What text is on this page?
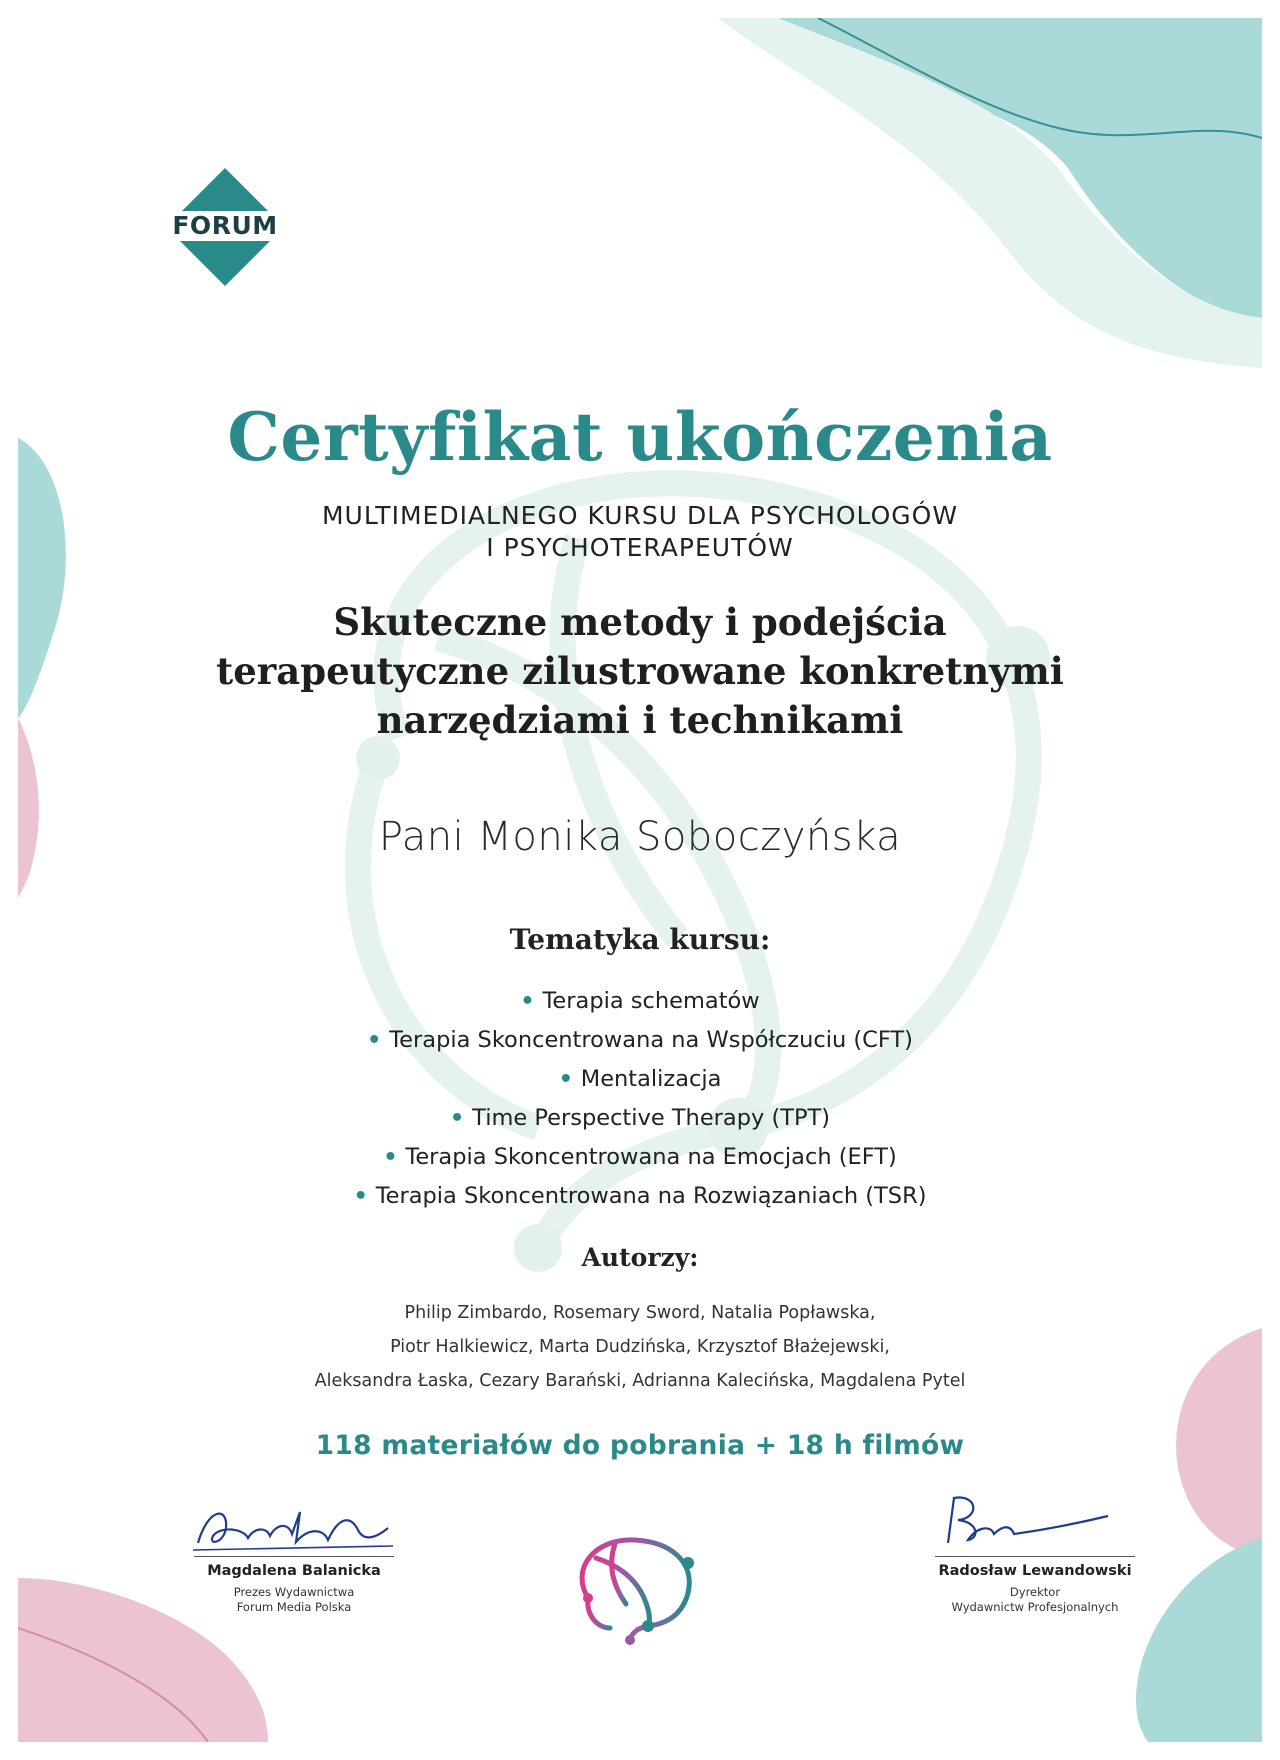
FORUM
Certyfikat ukończenia
MULTIMEDIALNEGO KURSU DLA PSYCHOLOGÓW
I PSYCHOTERAPEUTÓW
Skuteczne metody i podejścia
terapeutyczne zilustrowane konkretnymi
narzędziami i technikami
Pani Monika Soboczyńska
Tematyka kursu:
• Terapia schematów
• Terapia Skoncentrowana na Współczuciu (CFT)
• Mentalizacja
• Time Perspective Therapy (TPT)
• Terapia Skoncentrowana na Emocjach (EFT)
• Terapia Skoncentrowana na Rozwiązaniach (TSR)
Autorzy:
Philip Zimbardo, Rosemary Sword, Natalia Popławska,
Piotr Halkiewicz, Marta Dudzińska, Krzysztof Błażejewski,
Aleksandra Łaska, Cezary Barański, Adrianna Kalecińska, Magdalena Pytel
118 materiałów do pobrania + 18 h filmów
Magdalena Balanicka
Prezes Wydawnictwa
Forum Media Polska
Radosław Lewandowski
Dyrektor
Wydawnictw Profesjonalnych
